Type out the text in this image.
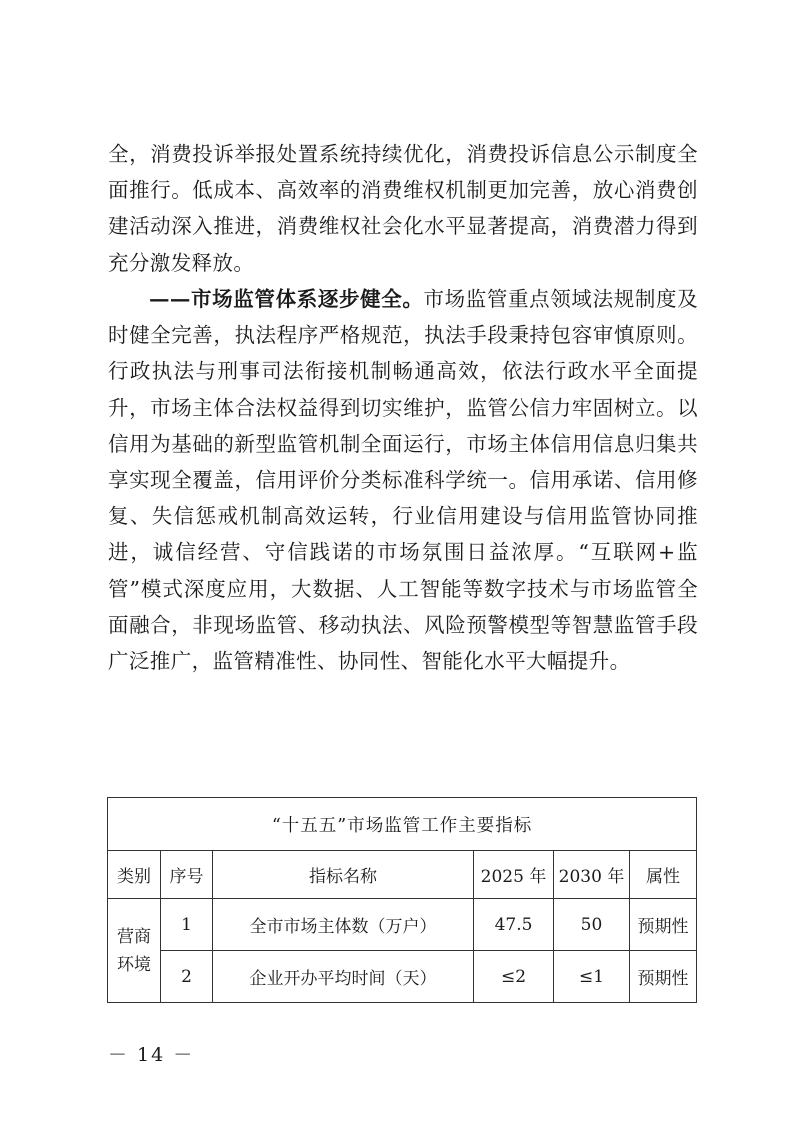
全，消费投诉举报处置系统持续优化，消费投诉信息公示制度全面推行。低成本、高效率的消费维权机制更加完善，放心消费创建活动深入推进，消费维权社会化水平显著提高，消费潜力得到充分激发释放。

——市场监管体系逐步健全。市场监管重点领域法规制度及时健全完善，执法程序严格规范，执法手段秉持包容审慎原则。行政执法与刑事司法衔接机制畅通高效，依法行政水平全面提升，市场主体合法权益得到切实维护，监管公信力牢固树立。以信用为基础的新型监管机制全面运行，市场主体信用信息归集共享实现全覆盖，信用评价分类标准科学统一。信用承诺、信用修复、失信惩戒机制高效运转，行业信用建设与信用监管协同推进，诚信经营、守信践诺的市场氛围日益浓厚。“互联网+监管”模式深度应用，大数据、人工智能等数字技术与市场监管全面融合，非现场监管、移动执法、风险预警模型等智慧监管手段广泛推广，监管精准性、协同性、智能化水平大幅提升。

“十五五”市场监管工作主要指标					
类别	序号	指标名称	2025 年	2030 年	属性
营商
环境	1	全市市场主体数（万户）	47.5	50	预期性
	2	企业开办平均时间（天）	≤2	≤1	预期性
－ 14 －
